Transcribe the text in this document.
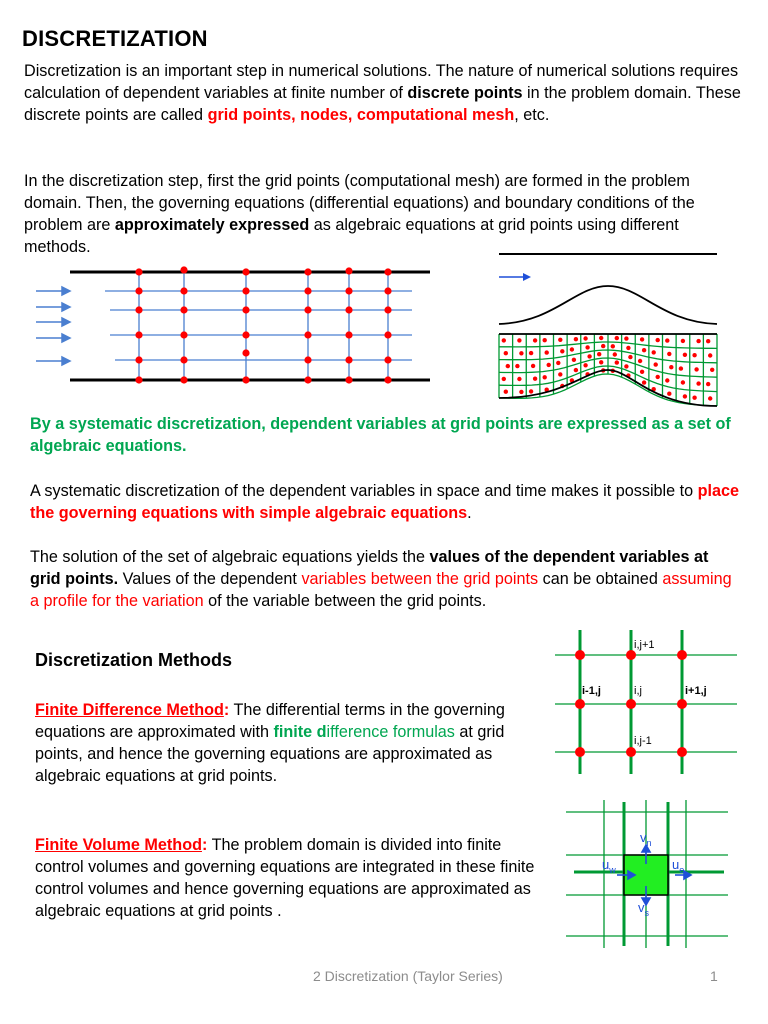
DISCRETIZATION
Discretization is an important step in numerical solutions. The nature of numerical solutions requires calculation of dependent variables at finite number of discrete points in the problem domain. These discrete points are called grid points, nodes, computational mesh, etc.
In the discretization step, first the grid points (computational mesh) are formed in the problem domain. Then, the governing equations (differential equations) and boundary conditions of the problem are approximately expressed as algebraic equations at grid points using different methods.
By a systematic discretization, dependent variables at grid points are expressed as a set of algebraic equations.
A systematic discretization of the dependent variables in space and time makes it possible to place the governing equations with simple algebraic equations.
The solution of the set of algebraic equations yields the values of the dependent variables at grid points. Values of the dependent variables between the grid points can be obtained assuming a profile for the variation of the variable between the grid points.
Discretization Methods
Finite Difference Method: The differential terms in the governing equations are approximated with finite difference formulas at grid points, and hence the governing equations are approximated as algebraic equations at grid points.
i,j+1
i-1,j	i,j	i+1,j
i,j-1
Finite Volume Method: The problem domain is divided into finite control volumes and governing equations are integrated in these finite control volumes and hence governing equations are approximated as algebraic equations at grid points .
$v_n$
$v_s$
$u_w$	$u_e$
2 Discretization (Taylor Series)	1
